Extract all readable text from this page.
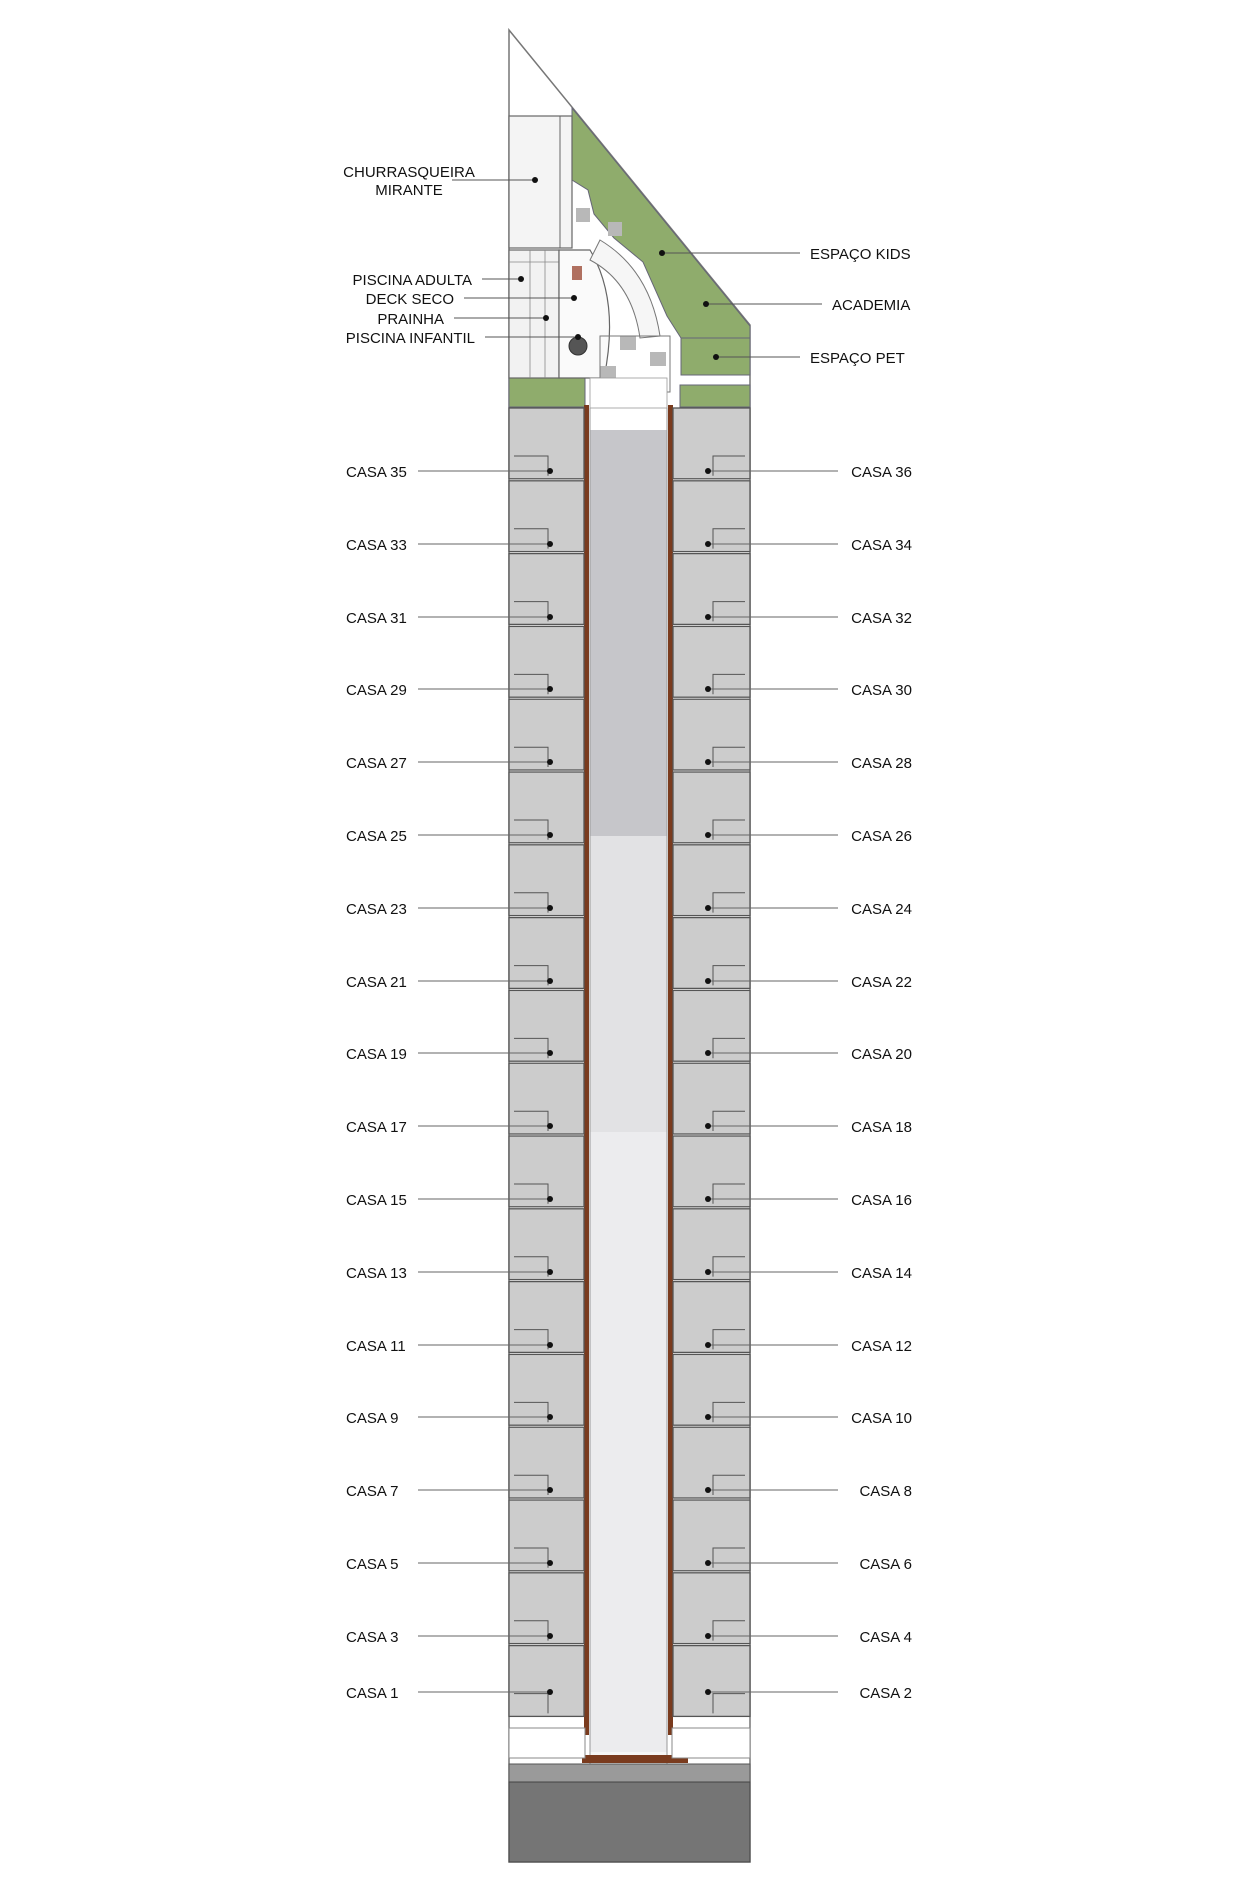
CHURRASQUEIRA
MIRANTE
PISCINA ADULTA
DECK SECO
PRAINHA
PISCINA INFANTIL
ESPAÇO KIDS
ACADEMIA
ESPAÇO PET
CASA 35	CASA 36
CASA 33	CASA 34
CASA 31	CASA 32
CASA 29	CASA 30
CASA 27	CASA 28
CASA 25	CASA 26
CASA 23	CASA 24
CASA 21	CASA 22
CASA 19	CASA 20
CASA 17	CASA 18
CASA 15	CASA 16
CASA 13	CASA 14
CASA 11	CASA 12
CASA 9	CASA 10
CASA 7	CASA 8
CASA 5	CASA 6
CASA 3	CASA 4
CASA 1	CASA 2
